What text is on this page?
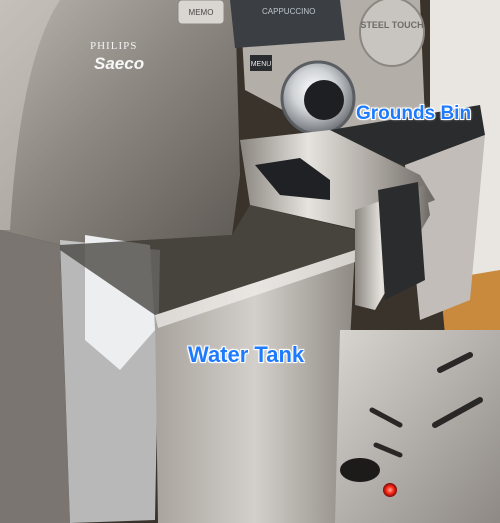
STEEL TOUCH
CAPPUCCINO
MEMO
MENU
PHILIPS
Saeco
Grounds Bin
Water Tank
